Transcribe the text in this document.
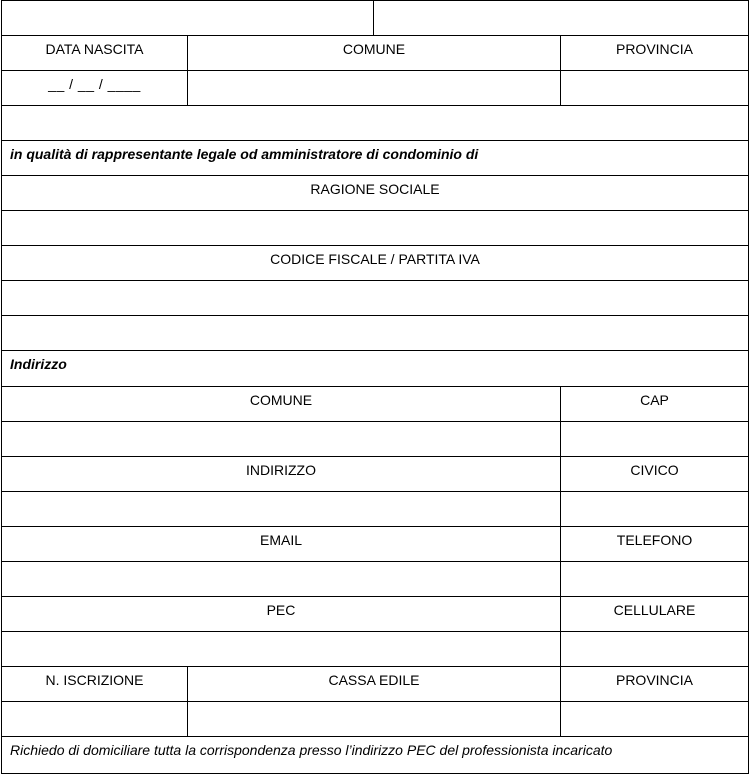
DATA NASCITA	COMUNE	PROVINCIA
__ / __ / ____
in qualità di rappresentante legale od amministratore di condominio di
RAGIONE SOCIALE
CODICE FISCALE / PARTITA IVA
Indirizzo
COMUNE	CAP
INDIRIZZO	CIVICO
EMAIL	TELEFONO
PEC	CELLULARE
N. ISCRIZIONE	CASSA EDILE	PROVINCIA
Richiedo di domiciliare tutta la corrispondenza presso l’indirizzo PEC del professionista incaricato
